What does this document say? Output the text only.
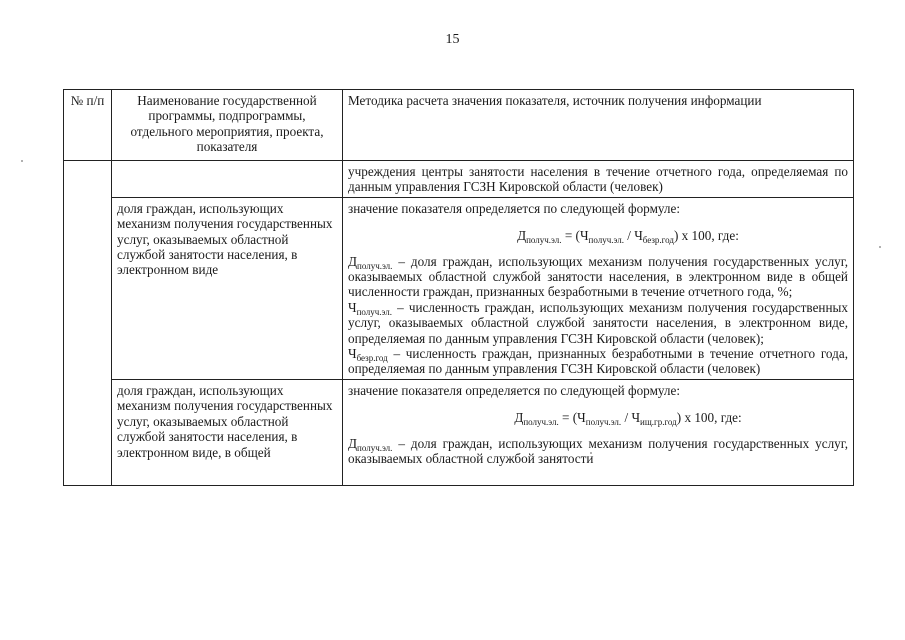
15
№ п/п	Наименование государственной программы, подпрограммы, отдельного мероприятия, проекта, показателя	Методика расчета значения показателя, источник получения информации

		учреждения центры занятости населения в течение отчетного года, определяемая по данным управления ГСЗН Кировской области (человек)

	доля граждан, использующих механизм получения государственных услуг, оказываемых областной службой занятости населения, в электронном виде	значение показателя определяется по следующей формуле:

$Д_{получ.эл.} = (Ч_{получ.эл.} / Ч_{безр.год})$ х 100, где:

$Д_{получ.эл.}$ – доля граждан, использующих механизм получения государственных услуг, оказываемых областной службой занятости населения, в электронном виде в общей численности граждан, признанных безработными в течение отчетного года, %;

$Ч_{получ.эл.}$ – численность граждан, использующих механизм получения государственных услуг, оказываемых областной службой занятости населения, в электронном виде, определяемая по данным управления ГСЗН Кировской области (человек);

$Ч_{безр.год}$ – численность граждан, признанных безработными в течение отчетного года, определяемая по данным управления ГСЗН Кировской области (человек)

	доля граждан, использующих механизм получения государственных услуг, оказываемых областной службой занятости населения, в электронном виде, в общей	значение показателя определяется по следующей формуле:

$Д_{получ.эл.} = (Ч_{получ.эл.} / Ч_{ищ.гр.год})$ х 100, где:

$Д_{получ.эл.}$ – доля граждан, использующих механизм получения государственных услуг, оказываемых областной службой занятости
